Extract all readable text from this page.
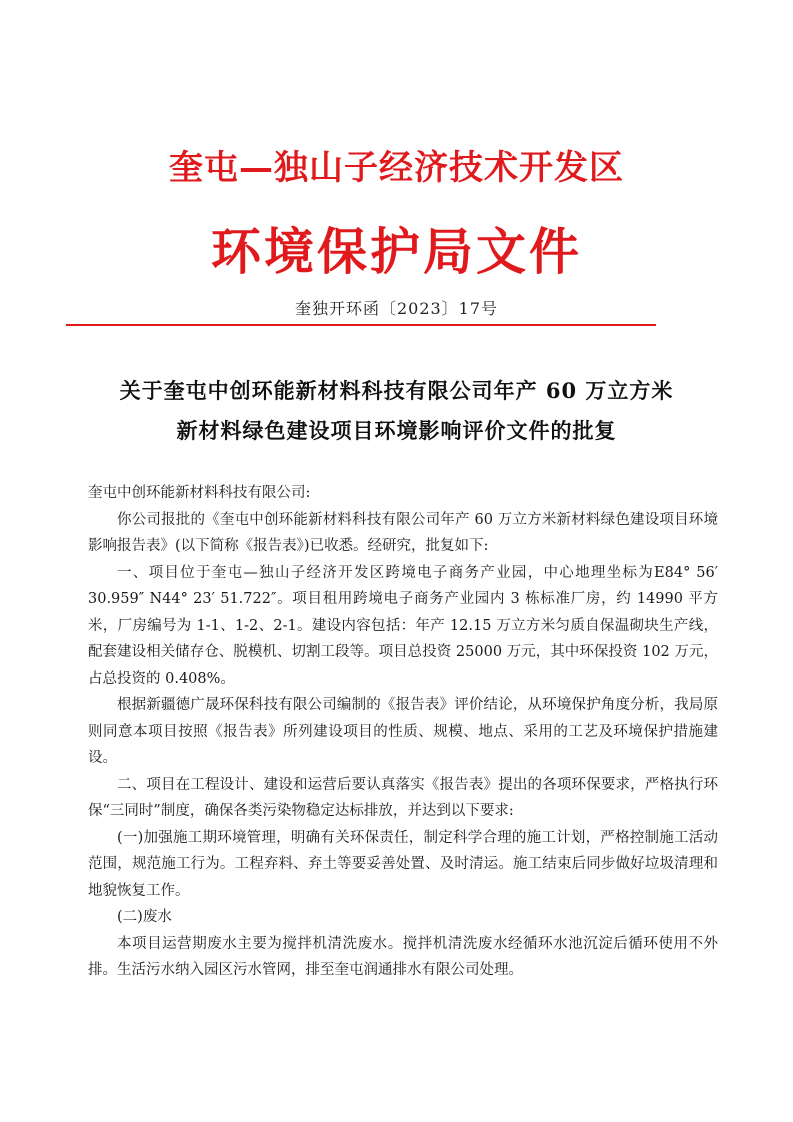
奎屯—独山子经济技术开发区
环境保护局文件
奎独开环函〔2023〕17号
关于奎屯中创环能新材料科技有限公司年产 60 万立方米
新材料绿色建设项目环境影响评价文件的批复

奎屯中创环能新材料科技有限公司:

你公司报批的《奎屯中创环能新材料科技有限公司年产 60 万立方米新材料绿色建设项目环境影响报告表》(以下简称《报告表》)已收悉。经研究，批复如下:

一、项目位于奎屯—独山子经济开发区跨境电子商务产业园，中心地理坐标为E84° 56′ 30.959″ N44° 23′ 51.722″。项目租用跨境电子商务产业园内 3 栋标准厂房，约 14990 平方米，厂房编号为 1-1、1-2、2-1。建设内容包括：年产 12.15 万立方米匀质自保温砌块生产线，配套建设相关储存仓、脱模机、切割工段等。项目总投资 25000 万元，其中环保投资 102 万元，占总投资的 0.408%。

根据新疆德广晟环保科技有限公司编制的《报告表》评价结论，从环境保护角度分析，我局原则同意本项目按照《报告表》所列建设项目的性质、规模、地点、采用的工艺及环境保护措施建设。

二、项目在工程设计、建设和运营后要认真落实《报告表》提出的各项环保要求，严格执行环保“三同时”制度，确保各类污染物稳定达标排放，并达到以下要求:

(一)加强施工期环境管理，明确有关环保责任，制定科学合理的施工计划，严格控制施工活动范围，规范施工行为。工程弃料、弃土等要妥善处置、及时清运。施工结束后同步做好垃圾清理和地貌恢复工作。

(二)废水

本项目运营期废水主要为搅拌机清洗废水。搅拌机清洗废水经循环水池沉淀后循环使用不外排。生活污水纳入园区污水管网，排至奎屯润通排水有限公司处理。
